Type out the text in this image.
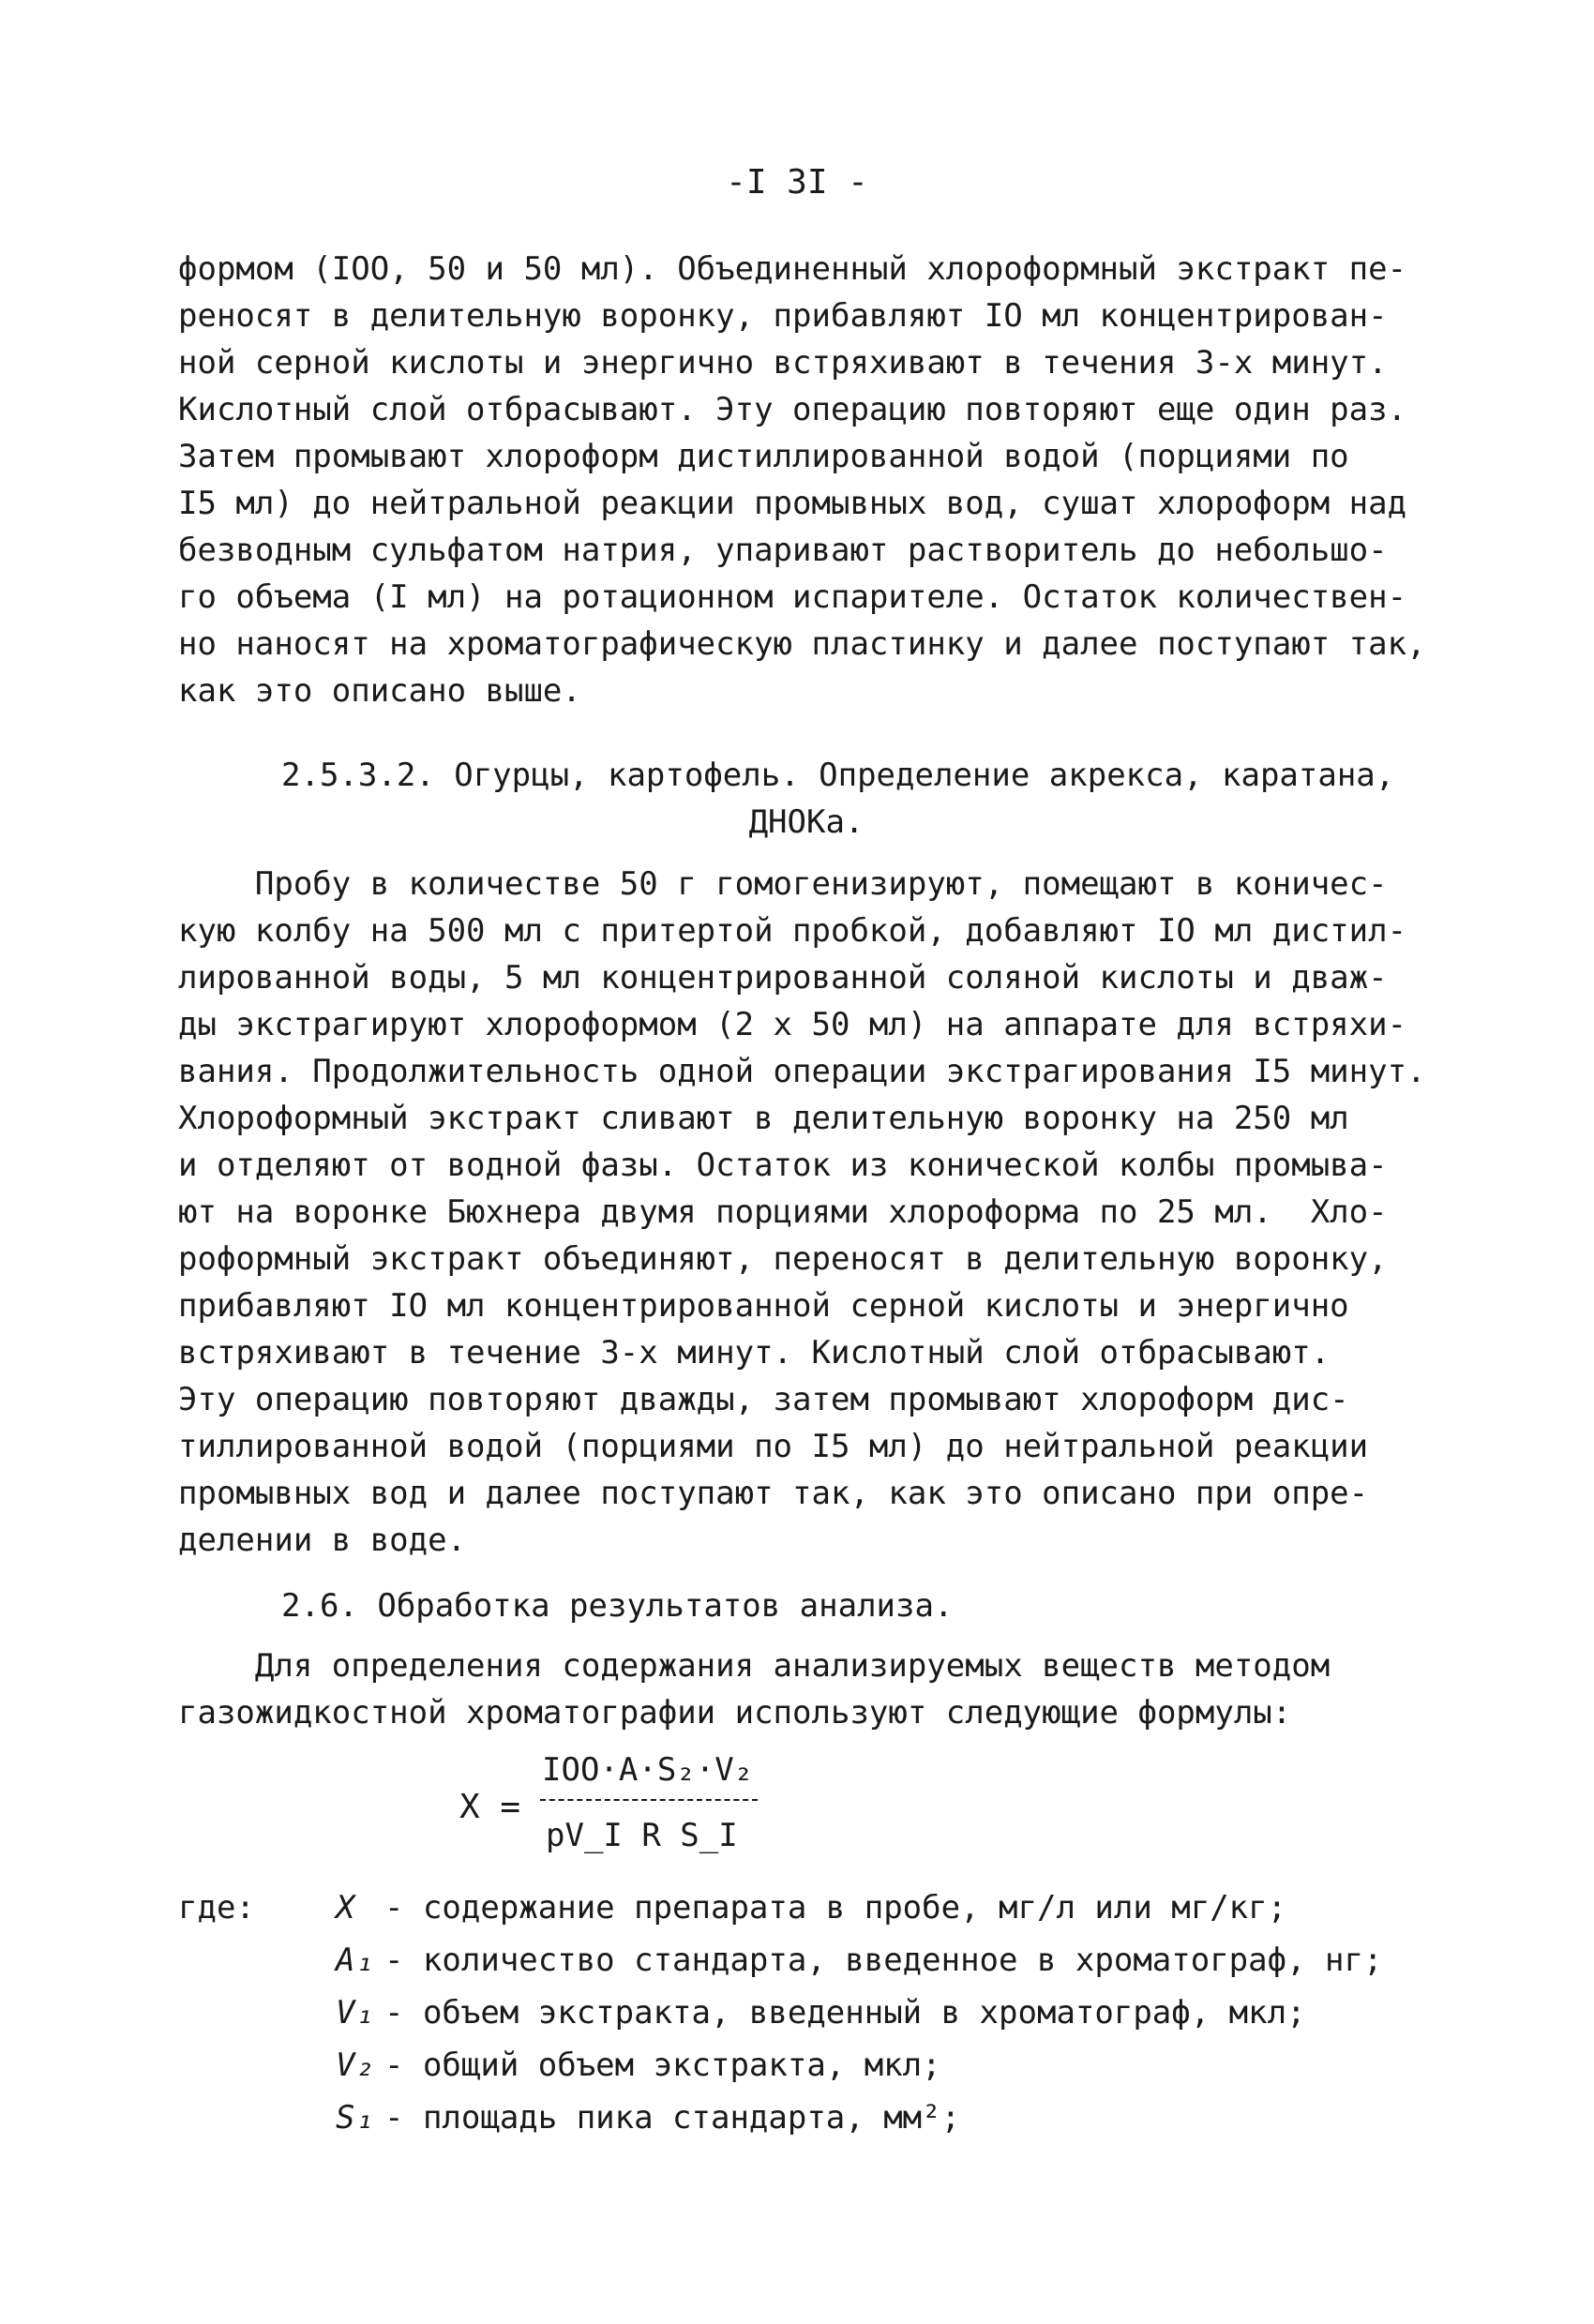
-I 3I -
формом (IOO, 50 и 50 мл). Объединенный хлороформный экстракт пе-
реносят в делительную воронку, прибавляют IO мл концентрирован-
ной серной кислоты и энергично встряхивают в течения 3-х минут.
Кислотный слой отбрасывают. Эту операцию повторяют еще один раз.
Затем промывают хлороформ дистиллированной водой (порциями по
I5 мл) до нейтральной реакции промывных вод, сушат хлороформ над
безводным сульфатом натрия, упаривают растворитель до небольшо-
го объема (I мл) на ротационном испарителе. Остаток количествен-
но наносят на хроматографическую пластинку и далее поступают так,
как это описано выше.
2.5.3.2. Огурцы, картофель. Определение акрекса, каратана,
ДНОКа.
Пробу в количестве 50 г гомогенизируют, помещают в коничес-
кую колбу на 500 мл с притертой пробкой, добавляют IO мл дистил-
лированной воды, 5 мл концентрированной соляной кислоты и дваж-
ды экстрагируют хлороформом (2 х 50 мл) на аппарате для встряхи-
вания. Продолжительность одной операции экстрагирования I5 минут.
Хлороформный экстракт сливают в делительную воронку на 250 мл
и отделяют от водной фазы. Остаток из конической колбы промыва-
ют на воронке Бюхнера двумя порциями хлороформа по 25 мл.  Хло-
роформный экстракт объединяют, переносят в делительную воронку,
прибавляют IO мл концентрированной серной кислоты и энергично
встряхивают в течение 3-х минут. Кислотный слой отбрасывают.
Эту операцию повторяют дважды, затем промывают хлороформ дис-
тиллированной водой (порциями по I5 мл) до нейтральной реакции
промывных вод и далее поступают так, как это описано при опре-
делении в воде.
2.6. Обработка результатов анализа.
Для определения содержания анализируемых веществ методом
газожидкостной хроматографии используют следующие формулы:
X =
IOO·A·S₂·V₂
pV_I R S_I
где:	X - содержание препарата в пробе, мг/л или мг/кг;
A₁ - количество стандарта, введенное в хроматограф, нг;
V₁ - объем экстракта, введенный в хроматограф, мкл;
V₂ - общий объем экстракта, мкл;
S₁ - площадь пика стандарта, мм²;
